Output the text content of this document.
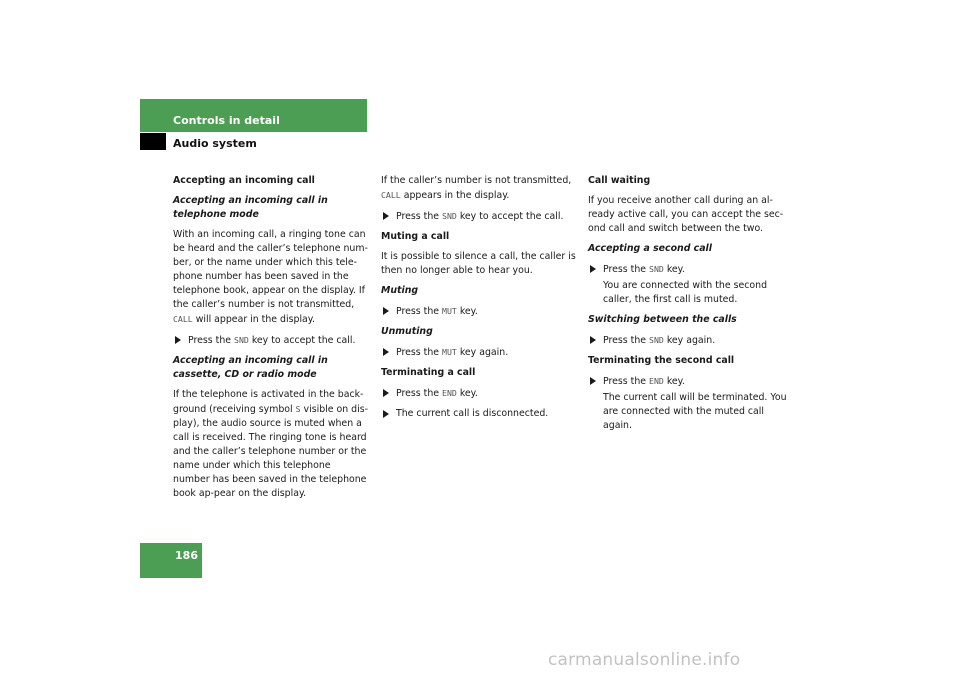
Controls in detail
Audio system

Accepting an incoming call

Accepting an incoming call in telephone mode

With an incoming call, a ringing tone can be heard and the caller’s telephone num-ber, or the name under which this tele-phone number has been saved in the telephone book, appear on the display. If the caller’s number is not transmitted,
CALL will appear in the display.

Press the SND key to accept the call.

Accepting an incoming call in cassette, CD or radio mode

If the telephone is activated in the back-ground (receiving symbol S visible on dis-play), the audio source is muted when a call is received. The ringing tone is heard and the caller’s telephone number or the name under which this telephone number has been saved in the telephone book ap-pear on the display.

If the caller’s number is not transmitted,
CALL appears in the display.

Press the SND key to accept the call.

Muting a call

It is possible to silence a call, the caller is then no longer able to hear you.

Muting

Press the MUT key.

Unmuting

Press the MUT key again.

Terminating a call

Press the END key.

The current call is disconnected.

Call waiting

If you receive another call during an al-ready active call, you can accept the sec-ond call and switch between the two.

Accepting a second call

Press the SND key.

You are connected with the second caller, the first call is muted.

Switching between the calls

Press the SND key again.

Terminating the second call

Press the END key.

The current call will be terminated. You are connected with the muted call again.

186
carmanualsonline.info
